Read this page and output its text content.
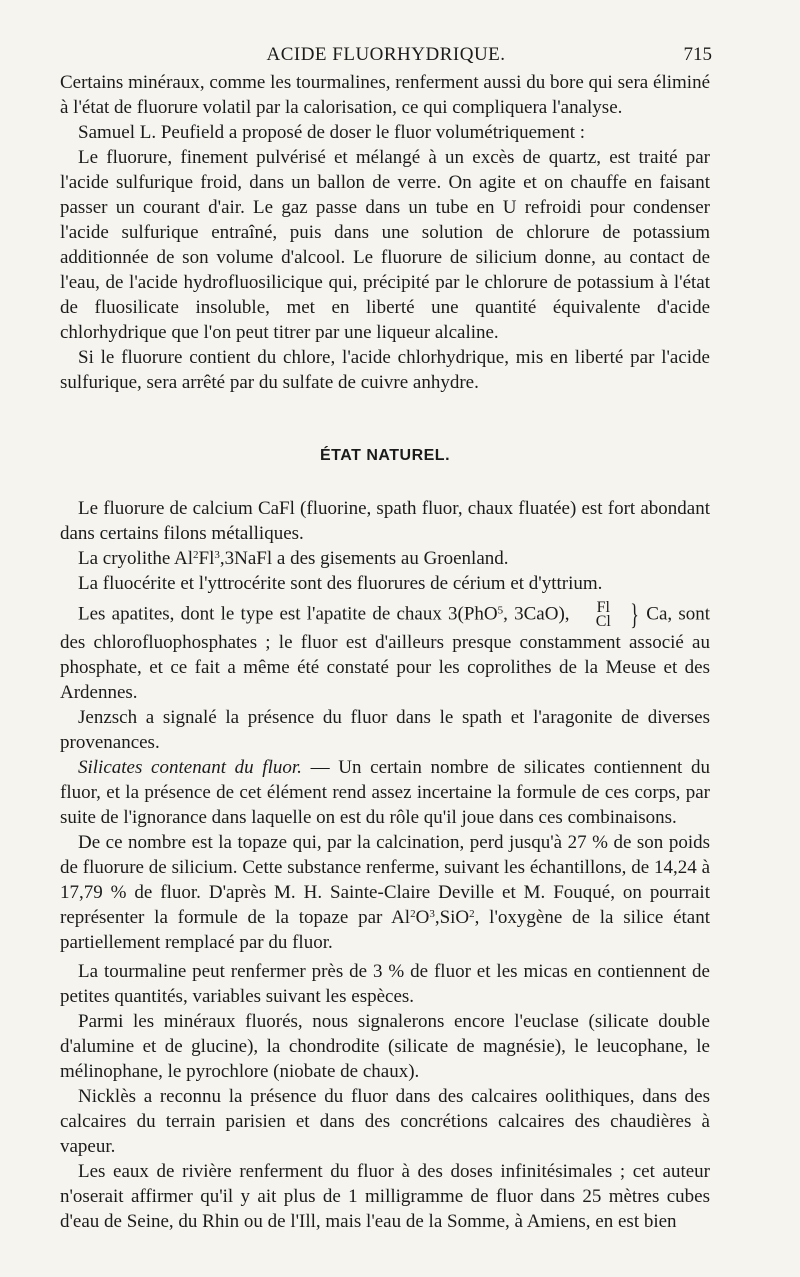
ACIDE FLUORHYDRIQUE.	715

Certains minéraux, comme les tourmalines, renferment aussi du bore qui sera éliminé à l'état de fluorure volatil par la calorisation, ce qui compliquera l'analyse.

Samuel L. Peufield a proposé de doser le fluor volumétriquement :

Le fluorure, finement pulvérisé et mélangé à un excès de quartz, est traité par l'acide sulfurique froid, dans un ballon de verre. On agite et on chauffe en faisant passer un courant d'air. Le gaz passe dans un tube en U refroidi pour condenser l'acide sulfurique entraîné, puis dans une solution de chlorure de potassium additionnée de son volume d'alcool. Le fluorure de silicium donne, au contact de l'eau, de l'acide hydrofluosilicique qui, précipité par le chlorure de potassium à l'état de fluosilicate insoluble, met en liberté une quantité équivalente d'acide chlorhydrique que l'on peut titrer par une liqueur alcaline.

Si le fluorure contient du chlore, l'acide chlorhydrique, mis en liberté par l'acide sulfurique, sera arrêté par du sulfate de cuivre anhydre.

ÉTAT NATUREL.

Le fluorure de calcium CaFl (fluorine, spath fluor, chaux fluatée) est fort abondant dans certains filons métalliques.

La cryolithe Al$^2$Fl$^3$,3NaFl a des gisements au Groenland.

La fluocérite et l'yttrocérite sont des fluorures de cérium et d'yttrium.

Les apatites, dont le type est l'apatite de chaux 3(PhO$^5$, 3CaO),	Fl
Cl } Ca, sont des chlorofluophosphates ; le fluor est d'ailleurs presque constamment associé au phosphate, et ce fait a même été constaté pour les coprolithes de la Meuse et des Ardennes.

Jenzsch a signalé la présence du fluor dans le spath et l'aragonite de diverses provenances.

Silicates contenant du fluor. — Un certain nombre de silicates contiennent du fluor, et la présence de cet élément rend assez incertaine la formule de ces corps, par suite de l'ignorance dans laquelle on est du rôle qu'il joue dans ces combinaisons.

De ce nombre est la topaze qui, par la calcination, perd jusqu'à 27 % de son poids de fluorure de silicium. Cette substance renferme, suivant les échantillons, de 14,24 à 17,79 % de fluor. D'après M. H. Sainte-Claire Deville et M. Fouqué, on pourrait représenter la formule de la topaze par $Al^2O^3,SiO^2$, l'oxygène de la silice étant partiellement remplacé par du fluor.

La tourmaline peut renfermer près de 3 % de fluor et les micas en contiennent de petites quantités, variables suivant les espèces.

Parmi les minéraux fluorés, nous signalerons encore l'euclase (silicate double d'alumine et de glucine), la chondrodite (silicate de magnésie), le leucophane, le mélinophane, le pyrochlore (niobate de chaux).

Nicklès a reconnu la présence du fluor dans des calcaires oolithiques, dans des calcaires du terrain parisien et dans des concrétions calcaires des chaudières à vapeur.

Les eaux de rivière renferment du fluor à des doses infinitésimales ; cet auteur n'oserait affirmer qu'il y ait plus de 1 milligramme de fluor dans 25 mètres cubes d'eau de Seine, du Rhin ou de l'Ill, mais l'eau de la Somme, à Amiens, en est bien
